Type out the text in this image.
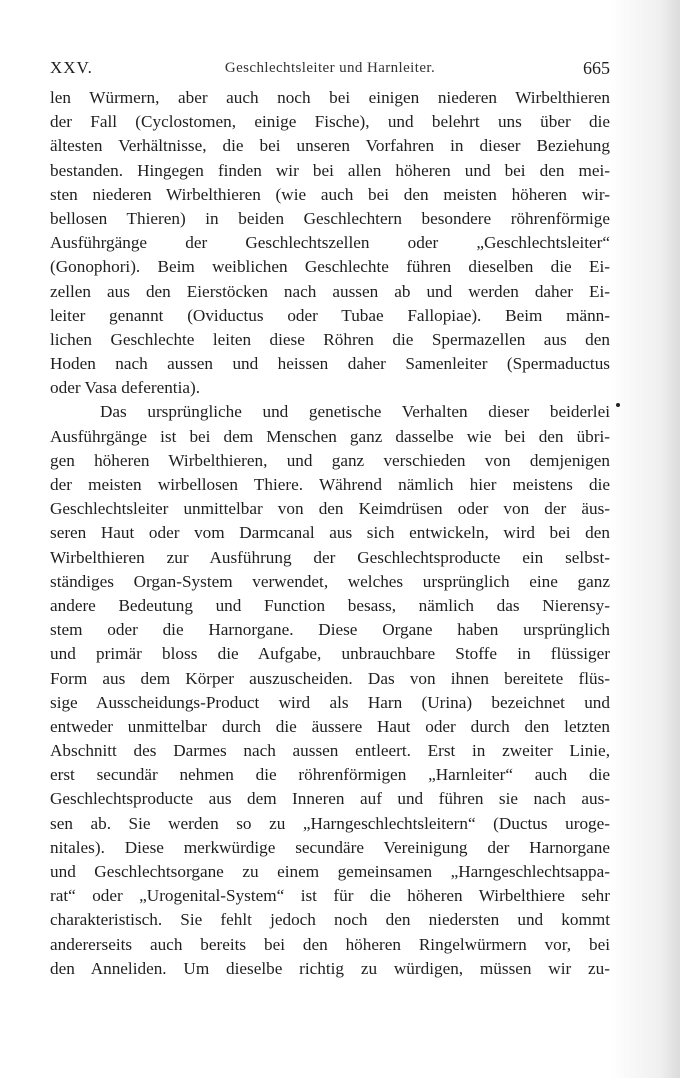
XXV.	Geschlechtsleiter und Harnleiter.	665
len Würmern, aber auch noch bei einigen niederen Wirbelthieren
der Fall (Cyclostomen, einige Fische), und belehrt uns über die
ältesten Verhältnisse, die bei unseren Vorfahren in dieser Beziehung
bestanden. Hingegen finden wir bei allen höheren und bei den mei-
sten niederen Wirbelthieren (wie auch bei den meisten höheren wir-
bellosen Thieren) in beiden Geschlechtern besondere röhrenförmige
Ausführgänge der Geschlechtszellen oder „Geschlechtsleiter“
(Gonophori). Beim weiblichen Geschlechte führen dieselben die Ei-
zellen aus den Eierstöcken nach aussen ab und werden daher Ei-
leiter genannt (Oviductus oder Tubae Fallopiae). Beim männ-
lichen Geschlechte leiten diese Röhren die Spermazellen aus den
Hoden nach aussen und heissen daher Samenleiter (Spermaductus
oder Vasa deferentia).
Das ursprüngliche und genetische Verhalten dieser beiderlei
Ausführgänge ist bei dem Menschen ganz dasselbe wie bei den übri-
gen höheren Wirbelthieren, und ganz verschieden von demjenigen
der meisten wirbellosen Thiere. Während nämlich hier meistens die
Geschlechtsleiter unmittelbar von den Keimdrüsen oder von der äus-
seren Haut oder vom Darmcanal aus sich entwickeln, wird bei den
Wirbelthieren zur Ausführung der Geschlechtsproducte ein selbst-
ständiges Organ-System verwendet, welches ursprünglich eine ganz
andere Bedeutung und Function besass, nämlich das Nierensy-
stem oder die Harnorgane. Diese Organe haben ursprünglich
und primär bloss die Aufgabe, unbrauchbare Stoffe in flüssiger
Form aus dem Körper auszuscheiden. Das von ihnen bereitete flüs-
sige Ausscheidungs-Product wird als Harn (Urina) bezeichnet und
entweder unmittelbar durch die äussere Haut oder durch den letzten
Abschnitt des Darmes nach aussen entleert. Erst in zweiter Linie,
erst secundär nehmen die röhrenförmigen „Harnleiter“ auch die
Geschlechtsproducte aus dem Inneren auf und führen sie nach aus-
sen ab. Sie werden so zu „Harngeschlechtsleitern“ (Ductus uroge-
nitales). Diese merkwürdige secundäre Vereinigung der Harnorgane
und Geschlechtsorgane zu einem gemeinsamen „Harngeschlechtsappa-
rat“ oder „Urogenital-System“ ist für die höheren Wirbelthiere sehr
charakteristisch. Sie fehlt jedoch noch den niedersten und kommt
andererseits auch bereits bei den höheren Ringelwürmern vor, bei
den Anneliden. Um dieselbe richtig zu würdigen, müssen wir zu-
